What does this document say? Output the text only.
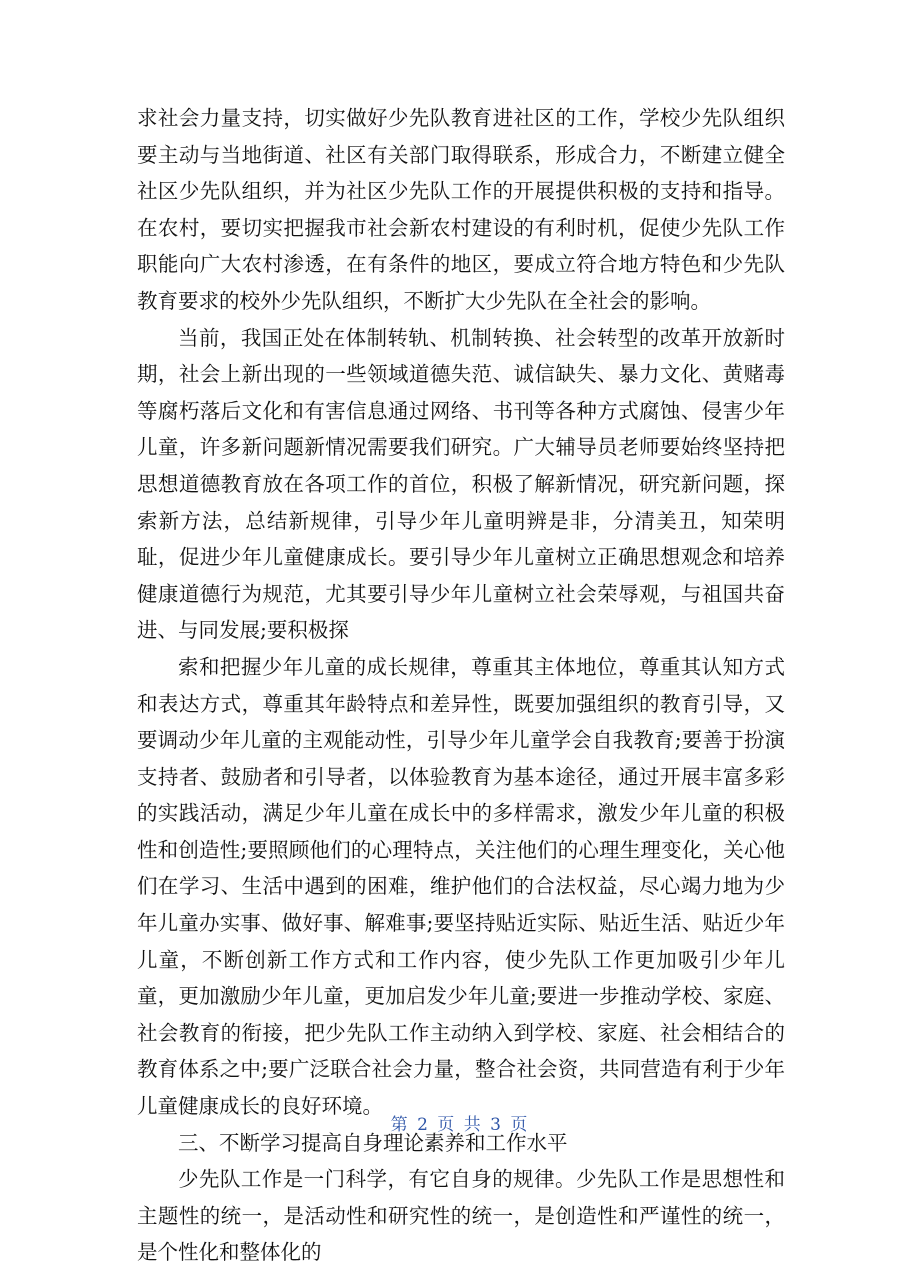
求社会力量支持，切实做好少先队教育进社区的工作，学校少先队组织要主动与当地街道、社区有关部门取得联系，形成合力，不断建立健全社区少先队组织，并为社区少先队工作的开展提供积极的支持和指导。在农村，要切实把握我市社会新农村建设的有利时机，促使少先队工作职能向广大农村渗透，在有条件的地区，要成立符合地方特色和少先队教育要求的校外少先队组织，不断扩大少先队在全社会的影响。

当前，我国正处在体制转轨、机制转换、社会转型的改革开放新时期，社会上新出现的一些领域道德失范、诚信缺失、暴力文化、黄赌毒等腐朽落后文化和有害信息通过网络、书刊等各种方式腐蚀、侵害少年儿童，许多新问题新情况需要我们研究。广大辅导员老师要始终坚持把思想道德教育放在各项工作的首位，积极了解新情况，研究新问题，探索新方法，总结新规律，引导少年儿童明辨是非，分清美丑，知荣明耻，促进少年儿童健康成长。要引导少年儿童树立正确思想观念和培养健康道德行为规范，尤其要引导少年儿童树立社会荣辱观，与祖国共奋进、与同发展;要积极探

索和把握少年儿童的成长规律，尊重其主体地位，尊重其认知方式和表达方式，尊重其年龄特点和差异性，既要加强组织的教育引导，又要调动少年儿童的主观能动性，引导少年儿童学会自我教育;要善于扮演支持者、鼓励者和引导者，以体验教育为基本途径，通过开展丰富多彩的实践活动，满足少年儿童在成长中的多样需求，激发少年儿童的积极性和创造性;要照顾他们的心理特点，关注他们的心理生理变化，关心他们在学习、生活中遇到的困难，维护他们的合法权益，尽心竭力地为少年儿童办实事、做好事、解难事;要坚持贴近实际、贴近生活、贴近少年儿童，不断创新工作方式和工作内容，使少先队工作更加吸引少年儿童，更加激励少年儿童，更加启发少年儿童;要进一步推动学校、家庭、社会教育的衔接，把少先队工作主动纳入到学校、家庭、社会相结合的教育体系之中;要广泛联合社会力量，整合社会资，共同营造有利于少年儿童健康成长的良好环境。

三、不断学习提高自身理论素养和工作水平

少先队工作是一门科学，有它自身的规律。少先队工作是思想性和主题性的统一，是活动性和研究性的统一，是创造性和严谨性的统一，是个性化和整体化的

第 2 页 共 3 页
